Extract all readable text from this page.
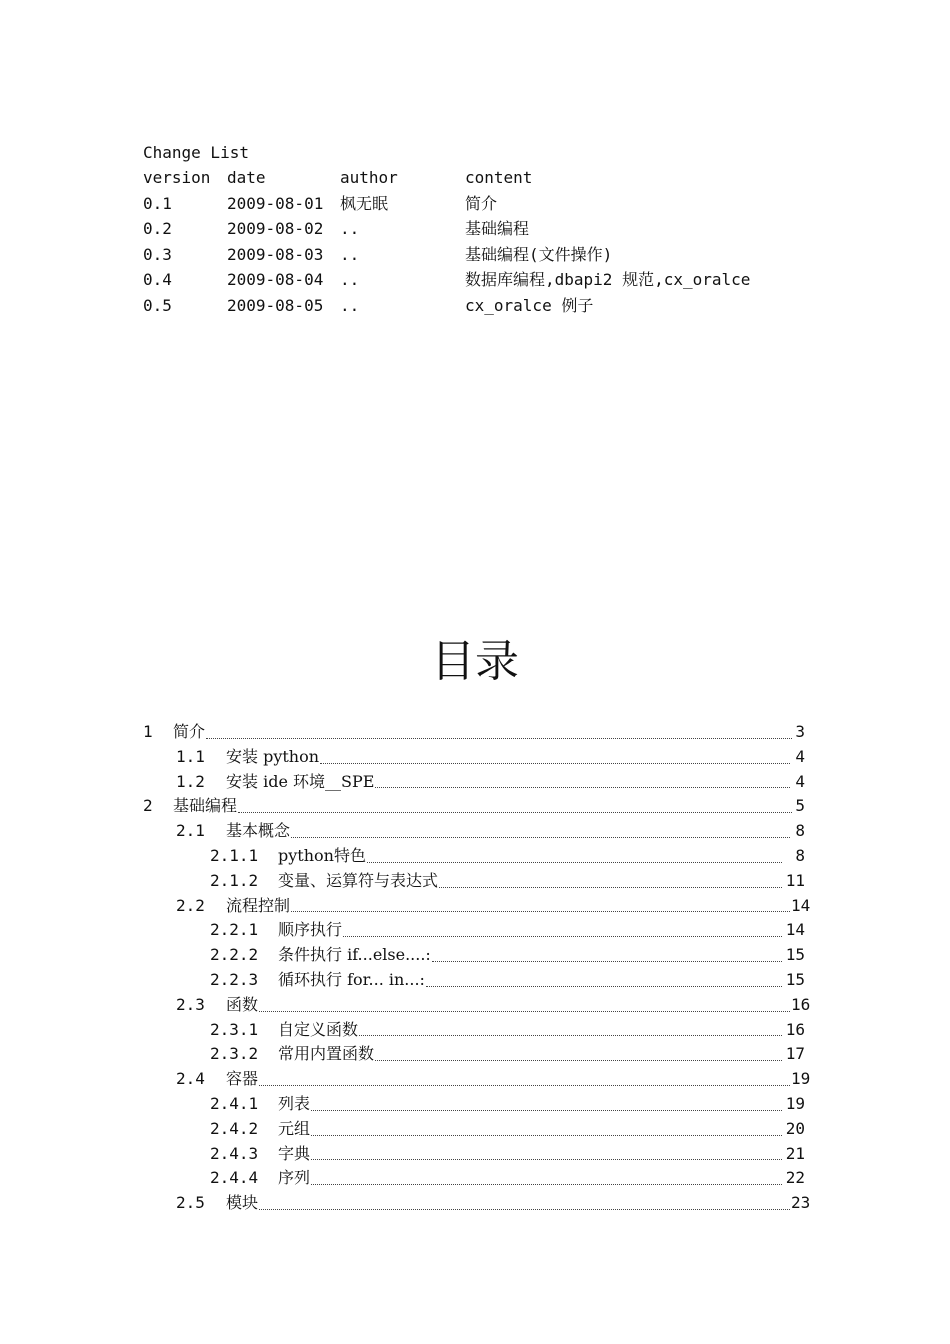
Change List
version date	author	content
0.1	2009-08-01 枫无眠	简介
0.2	2009-08-02 ..	基础编程
0.3	2009-08-03 ..	基础编程(文件操作)
0.4	2009-08-04 ..	数据库编程,dbapi2 规范,cx_oralce
0.5	2009-08-05 ..	cx_oralce 例子
目录
1	简介	3
1.1	安装 python	4
1.2	安装 ide 环境__SPE	4
2	基础编程	5
2.1	基本概念	8
2.1.1	python特色	8
2.1.2	变量、运算符与表达式	11
2.2	流程控制	14
2.2.1	顺序执行	14
2.2.2	条件执行 if...else....:	15
2.2.3	循环执行 for... in...:	15
2.3	函数	16
2.3.1	自定义函数	16
2.3.2	常用内置函数	17
2.4	容器	19
2.4.1	列表	19
2.4.2	元组	20
2.4.3	字典	21
2.4.4	序列	22
2.5	模块	23
